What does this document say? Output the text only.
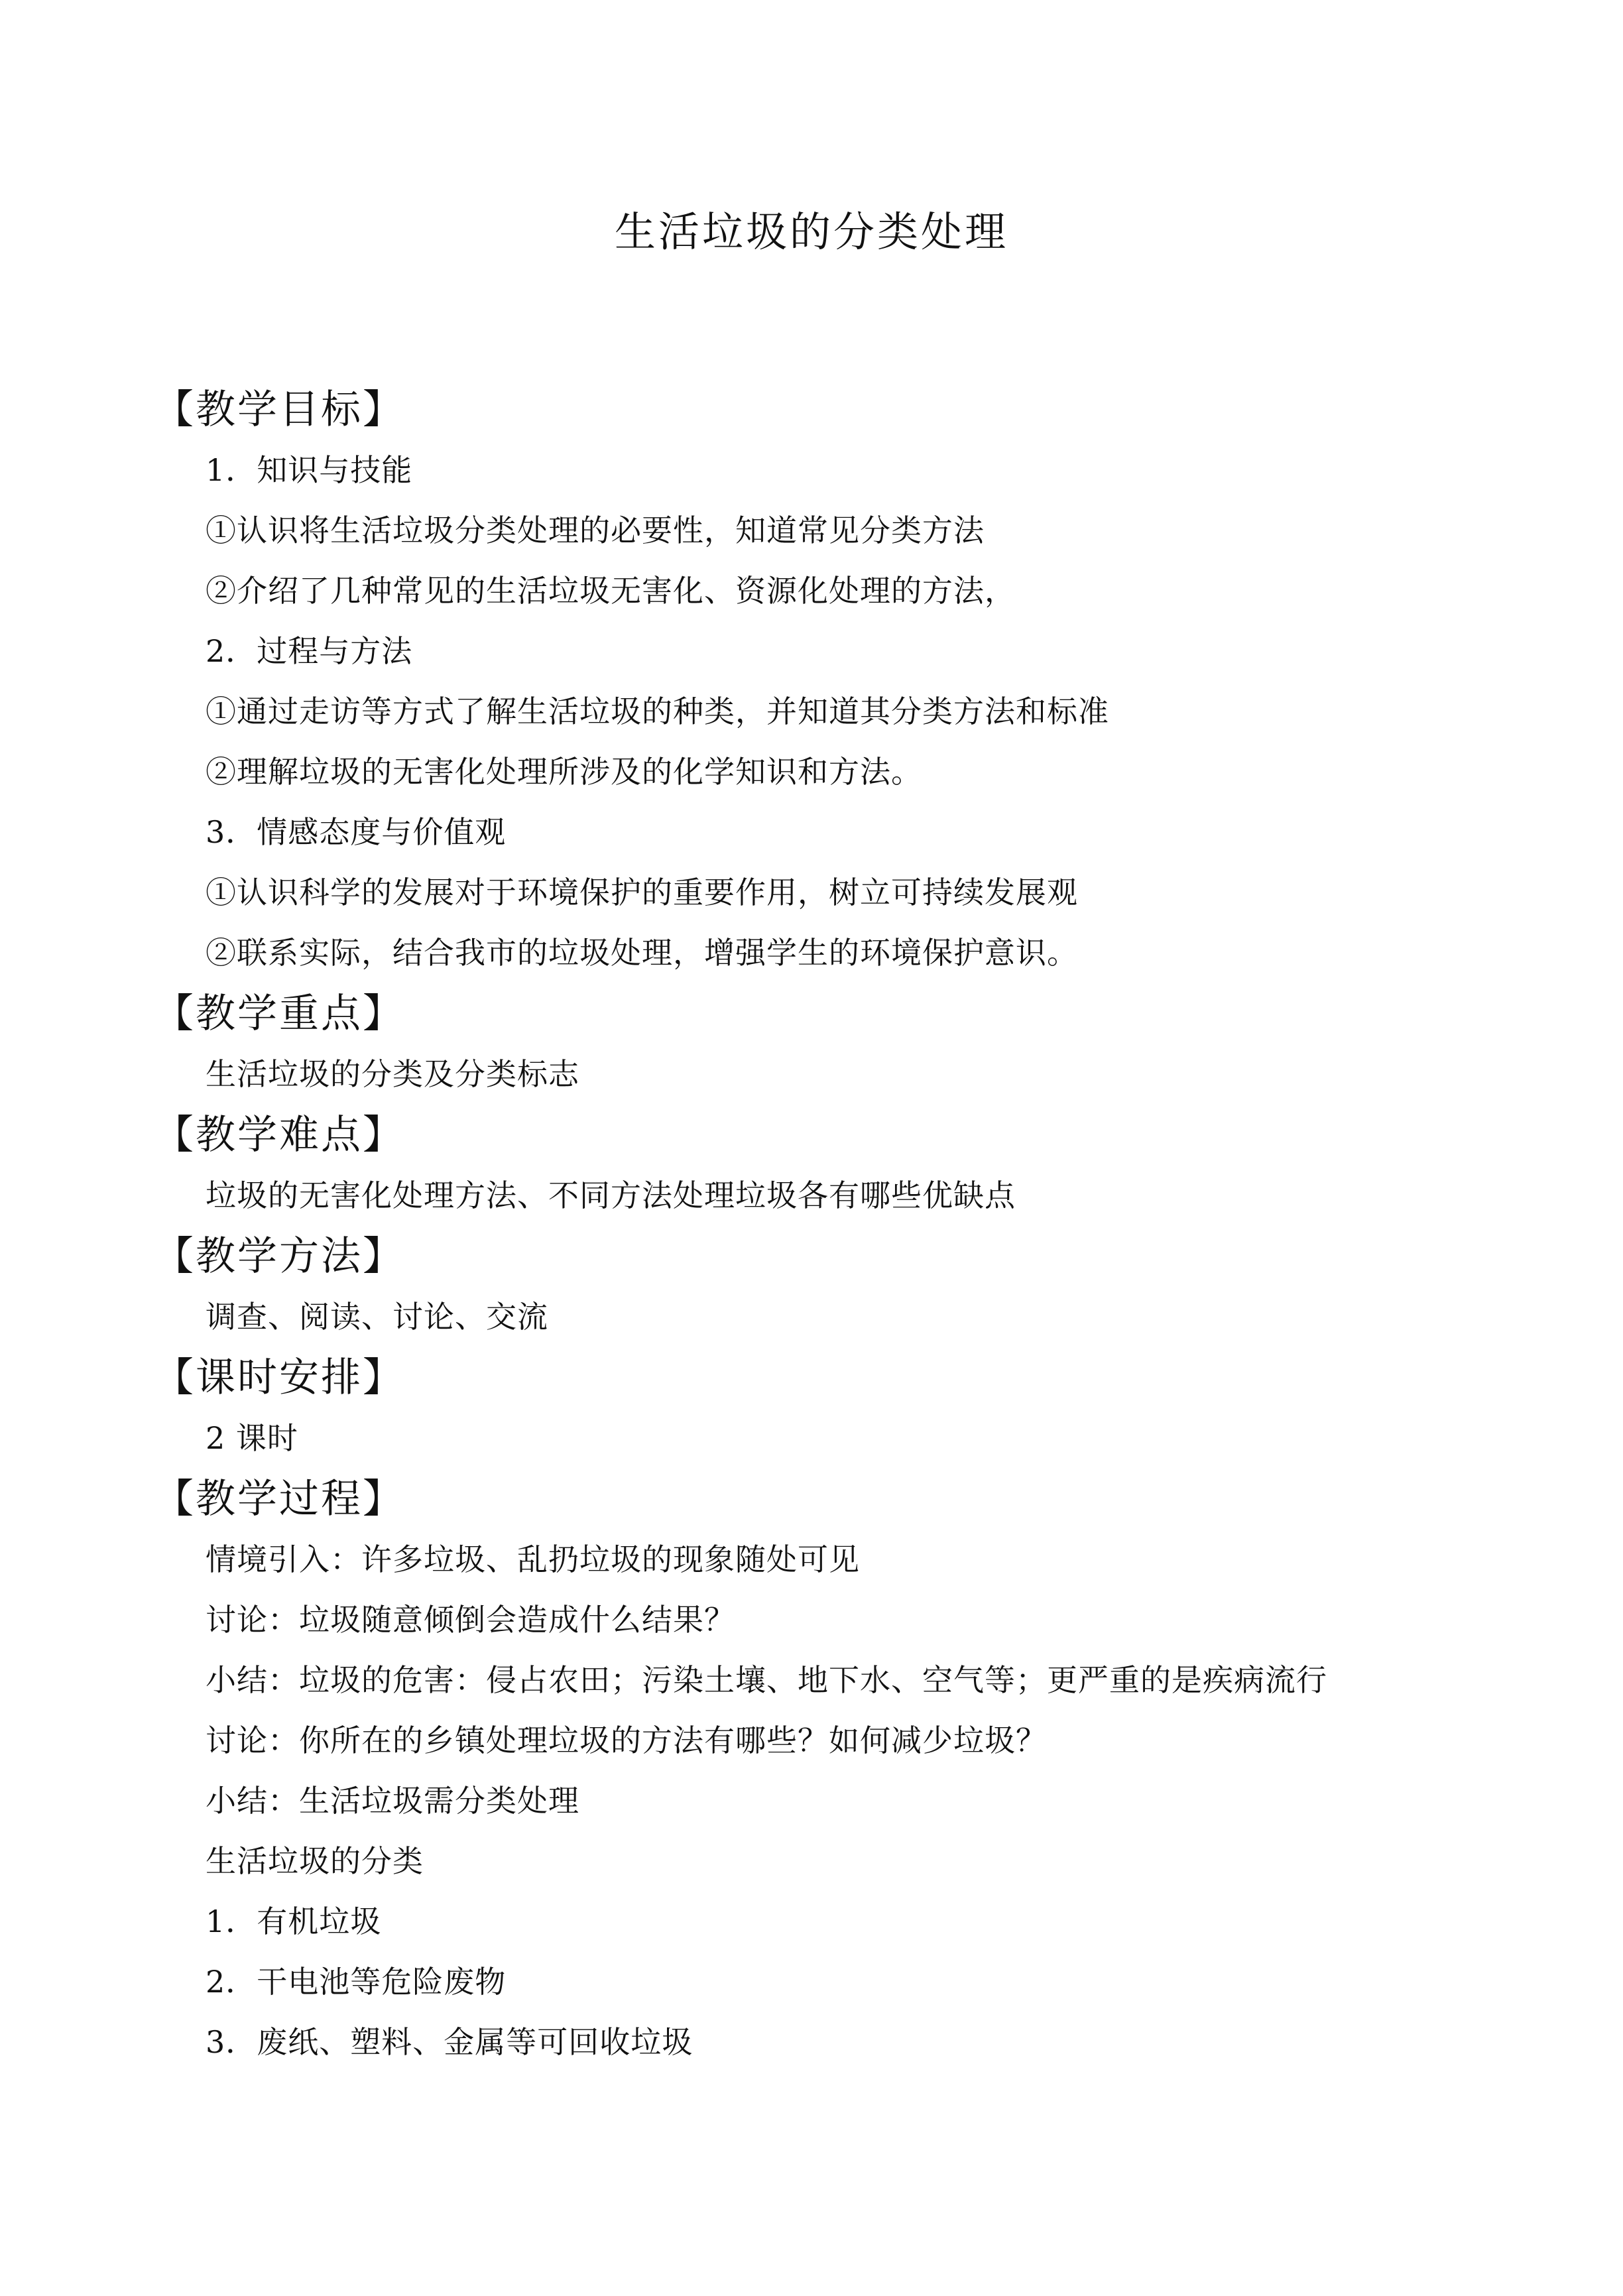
生活垃圾的分类处理
【教学目标】

1．知识与技能

①认识将生活垃圾分类处理的必要性，知道常见分类方法

②介绍了几种常见的生活垃圾无害化、资源化处理的方法，

2．过程与方法

①通过走访等方式了解生活垃圾的种类，并知道其分类方法和标准

②理解垃圾的无害化处理所涉及的化学知识和方法。

3．情感态度与价值观

①认识科学的发展对于环境保护的重要作用，树立可持续发展观

②联系实际，结合我市的垃圾处理，增强学生的环境保护意识。

【教学重点】

生活垃圾的分类及分类标志

【教学难点】

垃圾的无害化处理方法、不同方法处理垃圾各有哪些优缺点

【教学方法】

调查、阅读、讨论、交流

【课时安排】

2 课时

【教学过程】

情境引入：许多垃圾、乱扔垃圾的现象随处可见

讨论：垃圾随意倾倒会造成什么结果？

小结：垃圾的危害：侵占农田；污染土壤、地下水、空气等；更严重的是疾病流行

讨论：你所在的乡镇处理垃圾的方法有哪些？如何减少垃圾？

小结：生活垃圾需分类处理

生活垃圾的分类

1．有机垃圾

2．干电池等危险废物

3．废纸、塑料、金属等可回收垃圾
